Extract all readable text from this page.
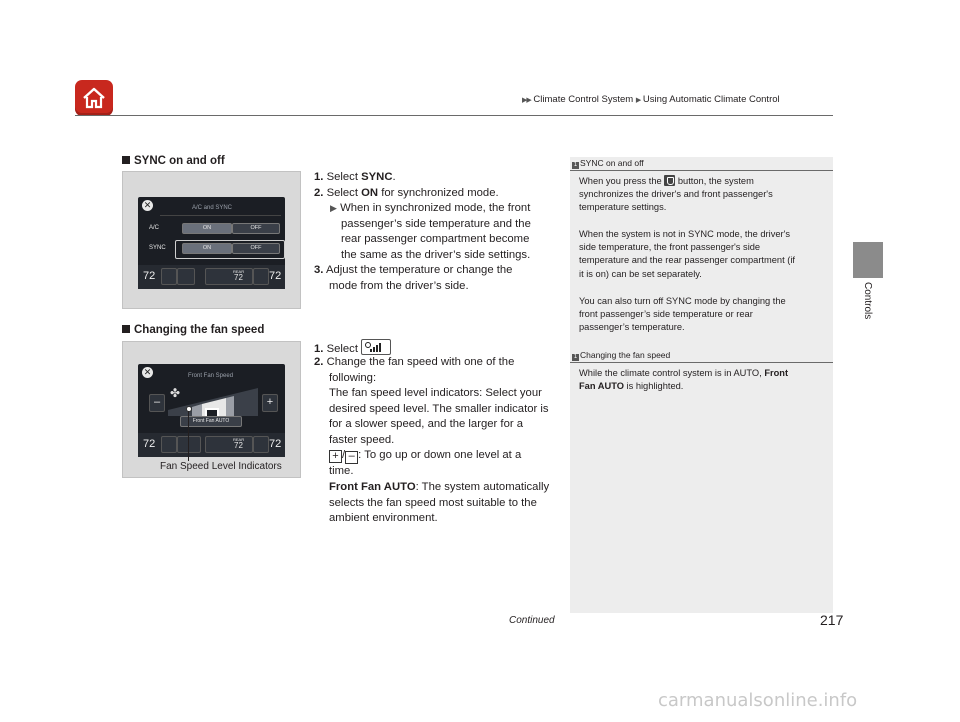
▶▶ Climate Control System ▶ Using Automatic Climate Control
Controls
SYNC on and off
✕	A/C and SYNC
A/C	ON	OFF
SYNC	ON	OFF
72	REAR
72 72
1. Select SYNC.
2. Select ON for synchronized mode.
▶ When in synchronized mode, the front
passenger’s side temperature and the
rear passenger compartment become
the same as the driver’s side settings.
3. Adjust the temperature or change the
mode from the driver’s side.
Changing the fan speed
✕	Front Fan Speed
✤
–	+
Front Fan AUTO
72	REAR
72 72
Fan Speed Level Indicators
1. Select
2. Change the fan speed with one of the
following:
The fan speed level indicators: Select your
desired speed level. The smaller indicator is
for a slower speed, and the larger for a
faster speed.
+ / – : To go up or down one level at a
time.
Front Fan AUTO: The system automatically
selects the fan speed most suitable to the
ambient environment.
1 SYNC on and off
When you press the button, the system
synchronizes the driver's and front passenger's
temperature settings.
When the system is not in SYNC mode, the driver's
side temperature, the front passenger's side
temperature and the rear passenger compartment (if
it is on) can be set separately.
You can also turn off SYNC mode by changing the
front passenger’s side temperature or rear
passenger’s temperature.
1 Changing the fan speed
While the climate control system is in AUTO, Front
Fan AUTO is highlighted.
Continued	217
carmanualsonline.info
